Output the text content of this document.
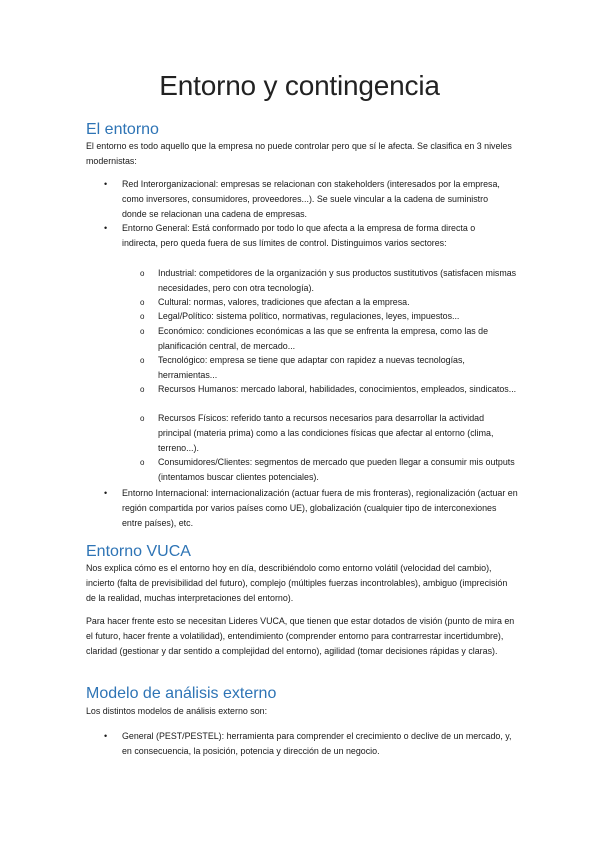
Entorno y contingencia
El entorno

El entorno es todo aquello que la empresa no puede controlar pero que sí le afecta. Se clasifica en 3 niveles modernistas:

• Red Interorganizacional: empresas se relacionan con stakeholders (interesados por la empresa, como inversores, consumidores, proveedores...). Se suele vincular a la cadena de suministro donde se relacionan una cadena de empresas.
• Entorno General: Está conformado por todo lo que afecta a la empresa de forma directa o indirecta, pero queda fuera de sus límites de control. Distinguimos varios sectores:
o Industrial: competidores de la organización y sus productos sustitutivos (satisfacen mismas necesidades, pero con otra tecnología).
o Cultural: normas, valores, tradiciones que afectan a la empresa.
o Legal/Político: sistema político, normativas, regulaciones, leyes, impuestos...
o Económico: condiciones económicas a las que se enfrenta la empresa, como las de planificación central, de mercado...
o Tecnológico: empresa se tiene que adaptar con rapidez a nuevas tecnologías, herramientas...
o Recursos Humanos: mercado laboral, habilidades, conocimientos, empleados, sindicatos...
o Recursos Físicos: referido tanto a recursos necesarios para desarrollar la actividad principal (materia prima) como a las condiciones físicas que afectar al entorno (clima, terreno...).
o Consumidores/Clientes: segmentos de mercado que pueden llegar a consumir mis outputs (intentamos buscar clientes potenciales).
• Entorno Internacional: internacionalización (actuar fuera de mis fronteras), regionalización (actuar en región compartida por varios países como UE), globalización (cualquier tipo de interconexiones entre países), etc.
Entorno VUCA

Nos explica cómo es el entorno hoy en día, describiéndolo como entorno volátil (velocidad del cambio), incierto (falta de previsibilidad del futuro), complejo (múltiples fuerzas incontrolables), ambiguo (imprecisión de la realidad, muchas interpretaciones del entorno).

Para hacer frente esto se necesitan Lideres VUCA, que tienen que estar dotados de visión (punto de mira en el futuro, hacer frente a volatilidad), entendimiento (comprender entorno para contrarrestar incertidumbre), claridad (gestionar y dar sentido a complejidad del entorno), agilidad (tomar decisiones rápidas y claras).

Modelo de análisis externo

Los distintos modelos de análisis externo son:

• General (PEST/PESTEL): herramienta para comprender el crecimiento o declive de un mercado, y, en consecuencia, la posición, potencia y dirección de un negocio.
